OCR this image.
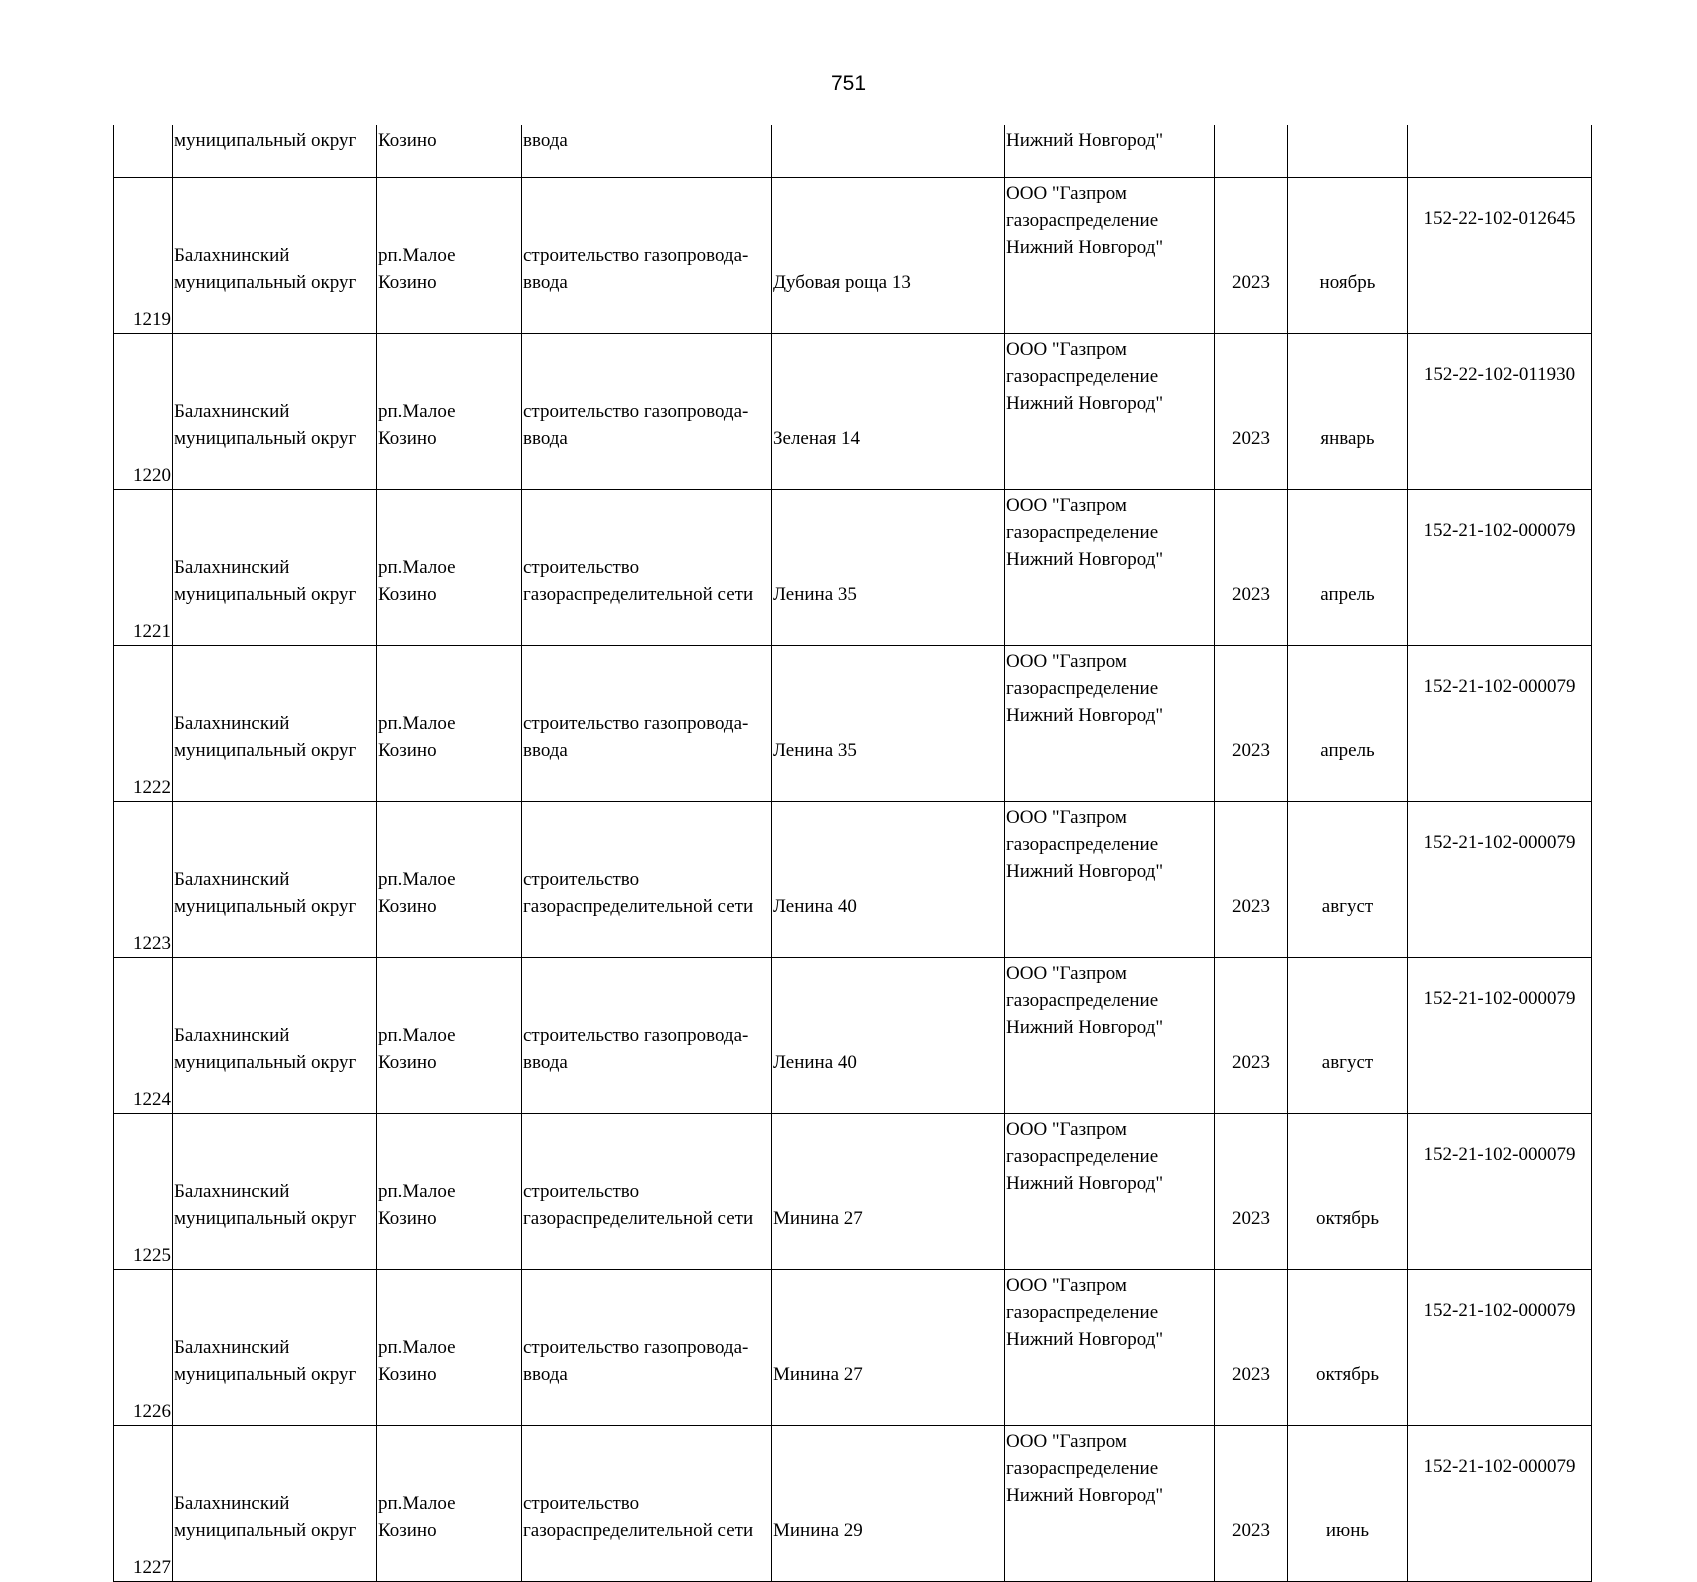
751
	муниципальный округ	Козино	ввода		Нижний Новгород"			
1219	Балахнинский
муниципальный округ	рп.Малое
Козино	строительство газопровода-
ввода	Дубовая роща 13	ООО "Газпром
газораспределение
Нижний Новгород"	2023	ноябрь	152-22-102-012645

1220	Балахнинский
муниципальный округ	рп.Малое
Козино	строительство газопровода-
ввода	Зеленая 14	ООО "Газпром
газораспределение
Нижний Новгород"	2023	январь	152-22-102-011930

1221	Балахнинский
муниципальный округ	рп.Малое
Козино	строительство
газораспределительной сети	Ленина 35	ООО "Газпром
газораспределение
Нижний Новгород"	2023	апрель	152-21-102-000079

1222	Балахнинский
муниципальный округ	рп.Малое
Козино	строительство газопровода-
ввода	Ленина 35	ООО "Газпром
газораспределение
Нижний Новгород"	2023	апрель	152-21-102-000079

1223	Балахнинский
муниципальный округ	рп.Малое
Козино	строительство
газораспределительной сети	Ленина 40	ООО "Газпром
газораспределение
Нижний Новгород"	2023	август	152-21-102-000079

1224	Балахнинский
муниципальный округ	рп.Малое
Козино	строительство газопровода-
ввода	Ленина 40	ООО "Газпром
газораспределение
Нижний Новгород"	2023	август	152-21-102-000079

1225	Балахнинский
муниципальный округ	рп.Малое
Козино	строительство
газораспределительной сети	Минина 27	ООО "Газпром
газораспределение
Нижний Новгород"	2023	октябрь	152-21-102-000079

1226	Балахнинский
муниципальный округ	рп.Малое
Козино	строительство газопровода-
ввода	Минина 27	ООО "Газпром
газораспределение
Нижний Новгород"	2023	октябрь	152-21-102-000079

1227	Балахнинский
муниципальный округ	рп.Малое
Козино	строительство
газораспределительной сети	Минина 29	ООО "Газпром
газораспределение
Нижний Новгород"	2023	июнь	152-21-102-000079
